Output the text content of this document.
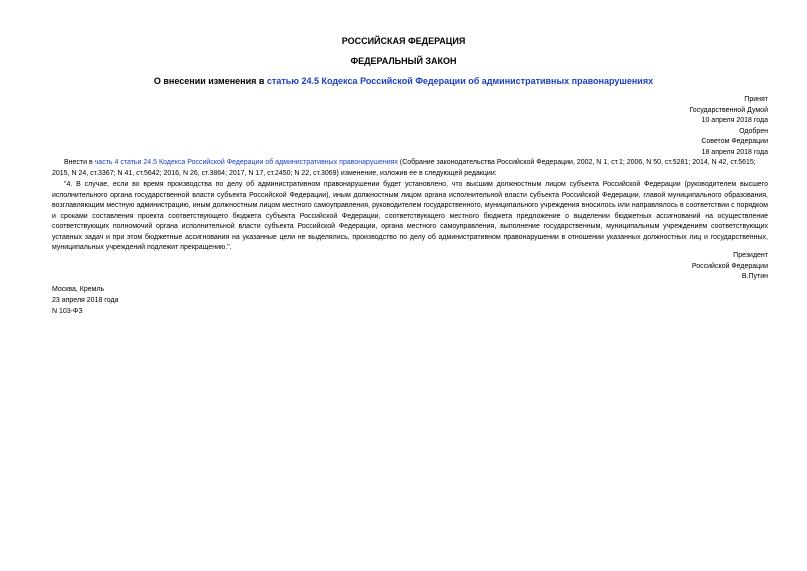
РОССИЙСКАЯ ФЕДЕРАЦИЯ
ФЕДЕРАЛЬНЫЙ ЗАКОН
О внесении изменения в статью 24.5 Кодекса Российской Федерации об административных правонарушениях
Принят
Государственной Думой
10 апреля 2018 года
Одобрен
Советом Федерации
18 апреля 2018 года
Внести в часть 4 статьи 24.5 Кодекса Российской Федерации об административных правонарушениях (Собрание законодательства Российской Федерации, 2002, N 1, ст.1; 2006, N 50, ст.5281; 2014, N 42, ст.5615;
2015, N 24, ст.3367; N 41, ст.5642; 2016, N 26, ст.3864; 2017, N 17, ст.2450; N 22, ст.3069) изменение, изложив ее в следующей редакции:
"4. В случае, если во время производства по делу об административном правонарушении будет установлено, что высшим должностным лицом субъекта Российской Федерации (руководителем высшего исполнительного органа государственной власти субъекта Российской Федерации), иным должностным лицом органа исполнительной власти субъекта Российской Федерации, главой муниципального образования, возглавляющим местную администрацию, иным должностным лицом местного самоуправления, руководителем государственного, муниципального учреждения вносилось или направлялось в соответствии с порядком и сроками составления проекта соответствующего бюджета субъекта Российской Федерации, соответствующего местного бюджета предложение о выделении бюджетных ассигнований на осуществление соответствующих полномочий органа исполнительной власти субъекта Российской Федерации, органа местного самоуправления, выполнение государственным, муниципальным учреждением соответствующих уставных задач и при этом бюджетные ассигнования на указанные цели не выделялись, производство по делу об административном правонарушении в отношении указанных должностных лиц и государственных, муниципальных учреждений подлежит прекращению.".
Президент
Российской Федерации
В.Путин
Москва, Кремль
23 апреля 2018 года
N 103-ФЗ
